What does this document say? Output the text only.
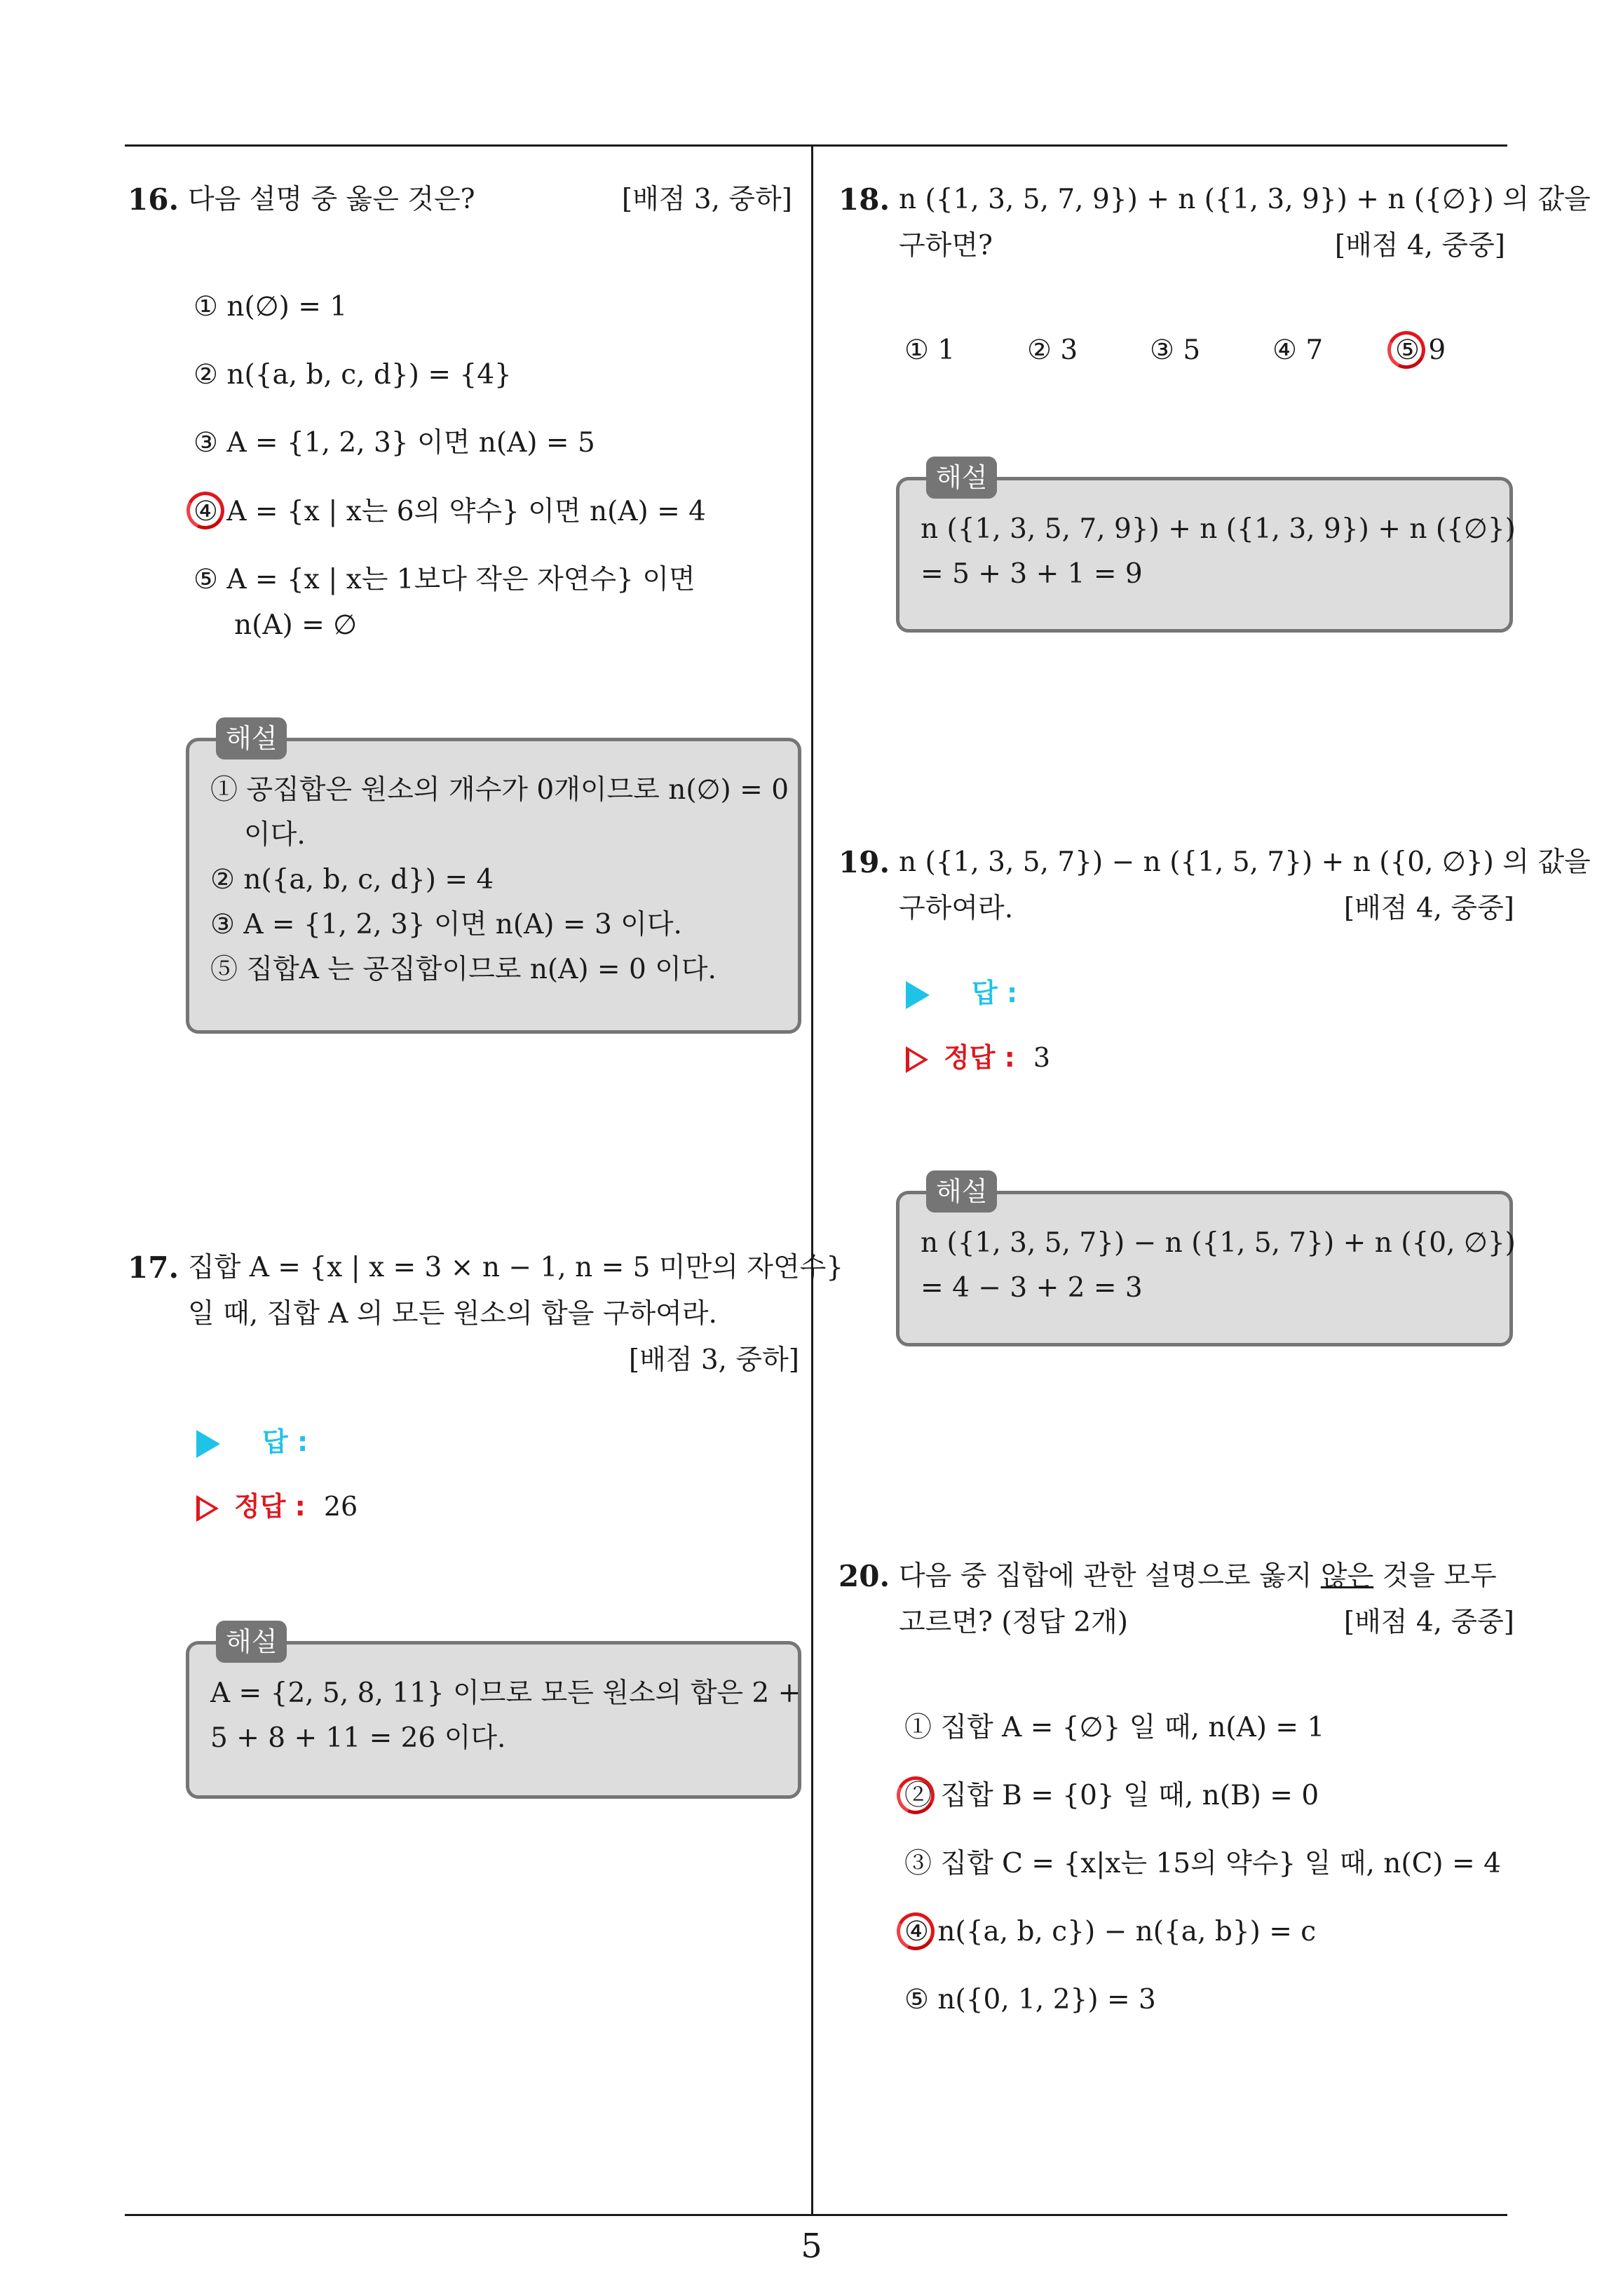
16. 다음 설명 중 옳은 것은?	[배점 3, 중하]
① n(∅) = 1
② n({a, b, c, d}) = {4}
③ A = {1, 2, 3} 이면 n(A) = 5
④ A = {x | x는 6의 약수} 이면 n(A) = 4
⑤ A = {x | x는 1보다 작은 자연수} 이면
n(A) = ∅
해설
① 공집합은 원소의 개수가 0개이므로 n(∅) = 0
이다.
② n({a, b, c, d}) = 4
③ A = {1, 2, 3} 이면 n(A) = 3 이다.
⑤ 집합A 는 공집합이므로 n(A) = 0 이다.
17. 집합 A = {x | x = 3 × n − 1, n = 5 미만의 자연수}
일 때, 집합 A 의 모든 원소의 합을 구하여라.
[배점 3, 중하]
답 :
정답 : 26
해설
A = {2, 5, 8, 11} 이므로 모든 원소의 합은 2 +
5 + 8 + 11 = 26 이다.
18. n ({1, 3, 5, 7, 9}) + n ({1, 3, 9}) + n ({∅}) 의 값을
구하면?	[배점 4, 중중]
① 1	② 3	③ 5	④ 7	⑤ 9
해설
n ({1, 3, 5, 7, 9}) + n ({1, 3, 9}) + n ({∅})
= 5 + 3 + 1 = 9
19. n ({1, 3, 5, 7}) − n ({1, 5, 7}) + n ({0, ∅}) 의 값을
구하여라.	[배점 4, 중중]
답 :
정답 : 3
해설
n ({1, 3, 5, 7}) − n ({1, 5, 7}) + n ({0, ∅})
= 4 − 3 + 2 = 3
20. 다음 중 집합에 관한 설명으로 옳지 않은 것을 모두
고르면? (정답 2개)	[배점 4, 중중]
① 집합 A = {∅} 일 때, n(A) = 1
② 집합 B = {0} 일 때, n(B) = 0
③ 집합 C = {x|x는 15의 약수} 일 때, n(C) = 4
④ n({a, b, c}) − n({a, b}) = c
⑤ n({0, 1, 2}) = 3
5
